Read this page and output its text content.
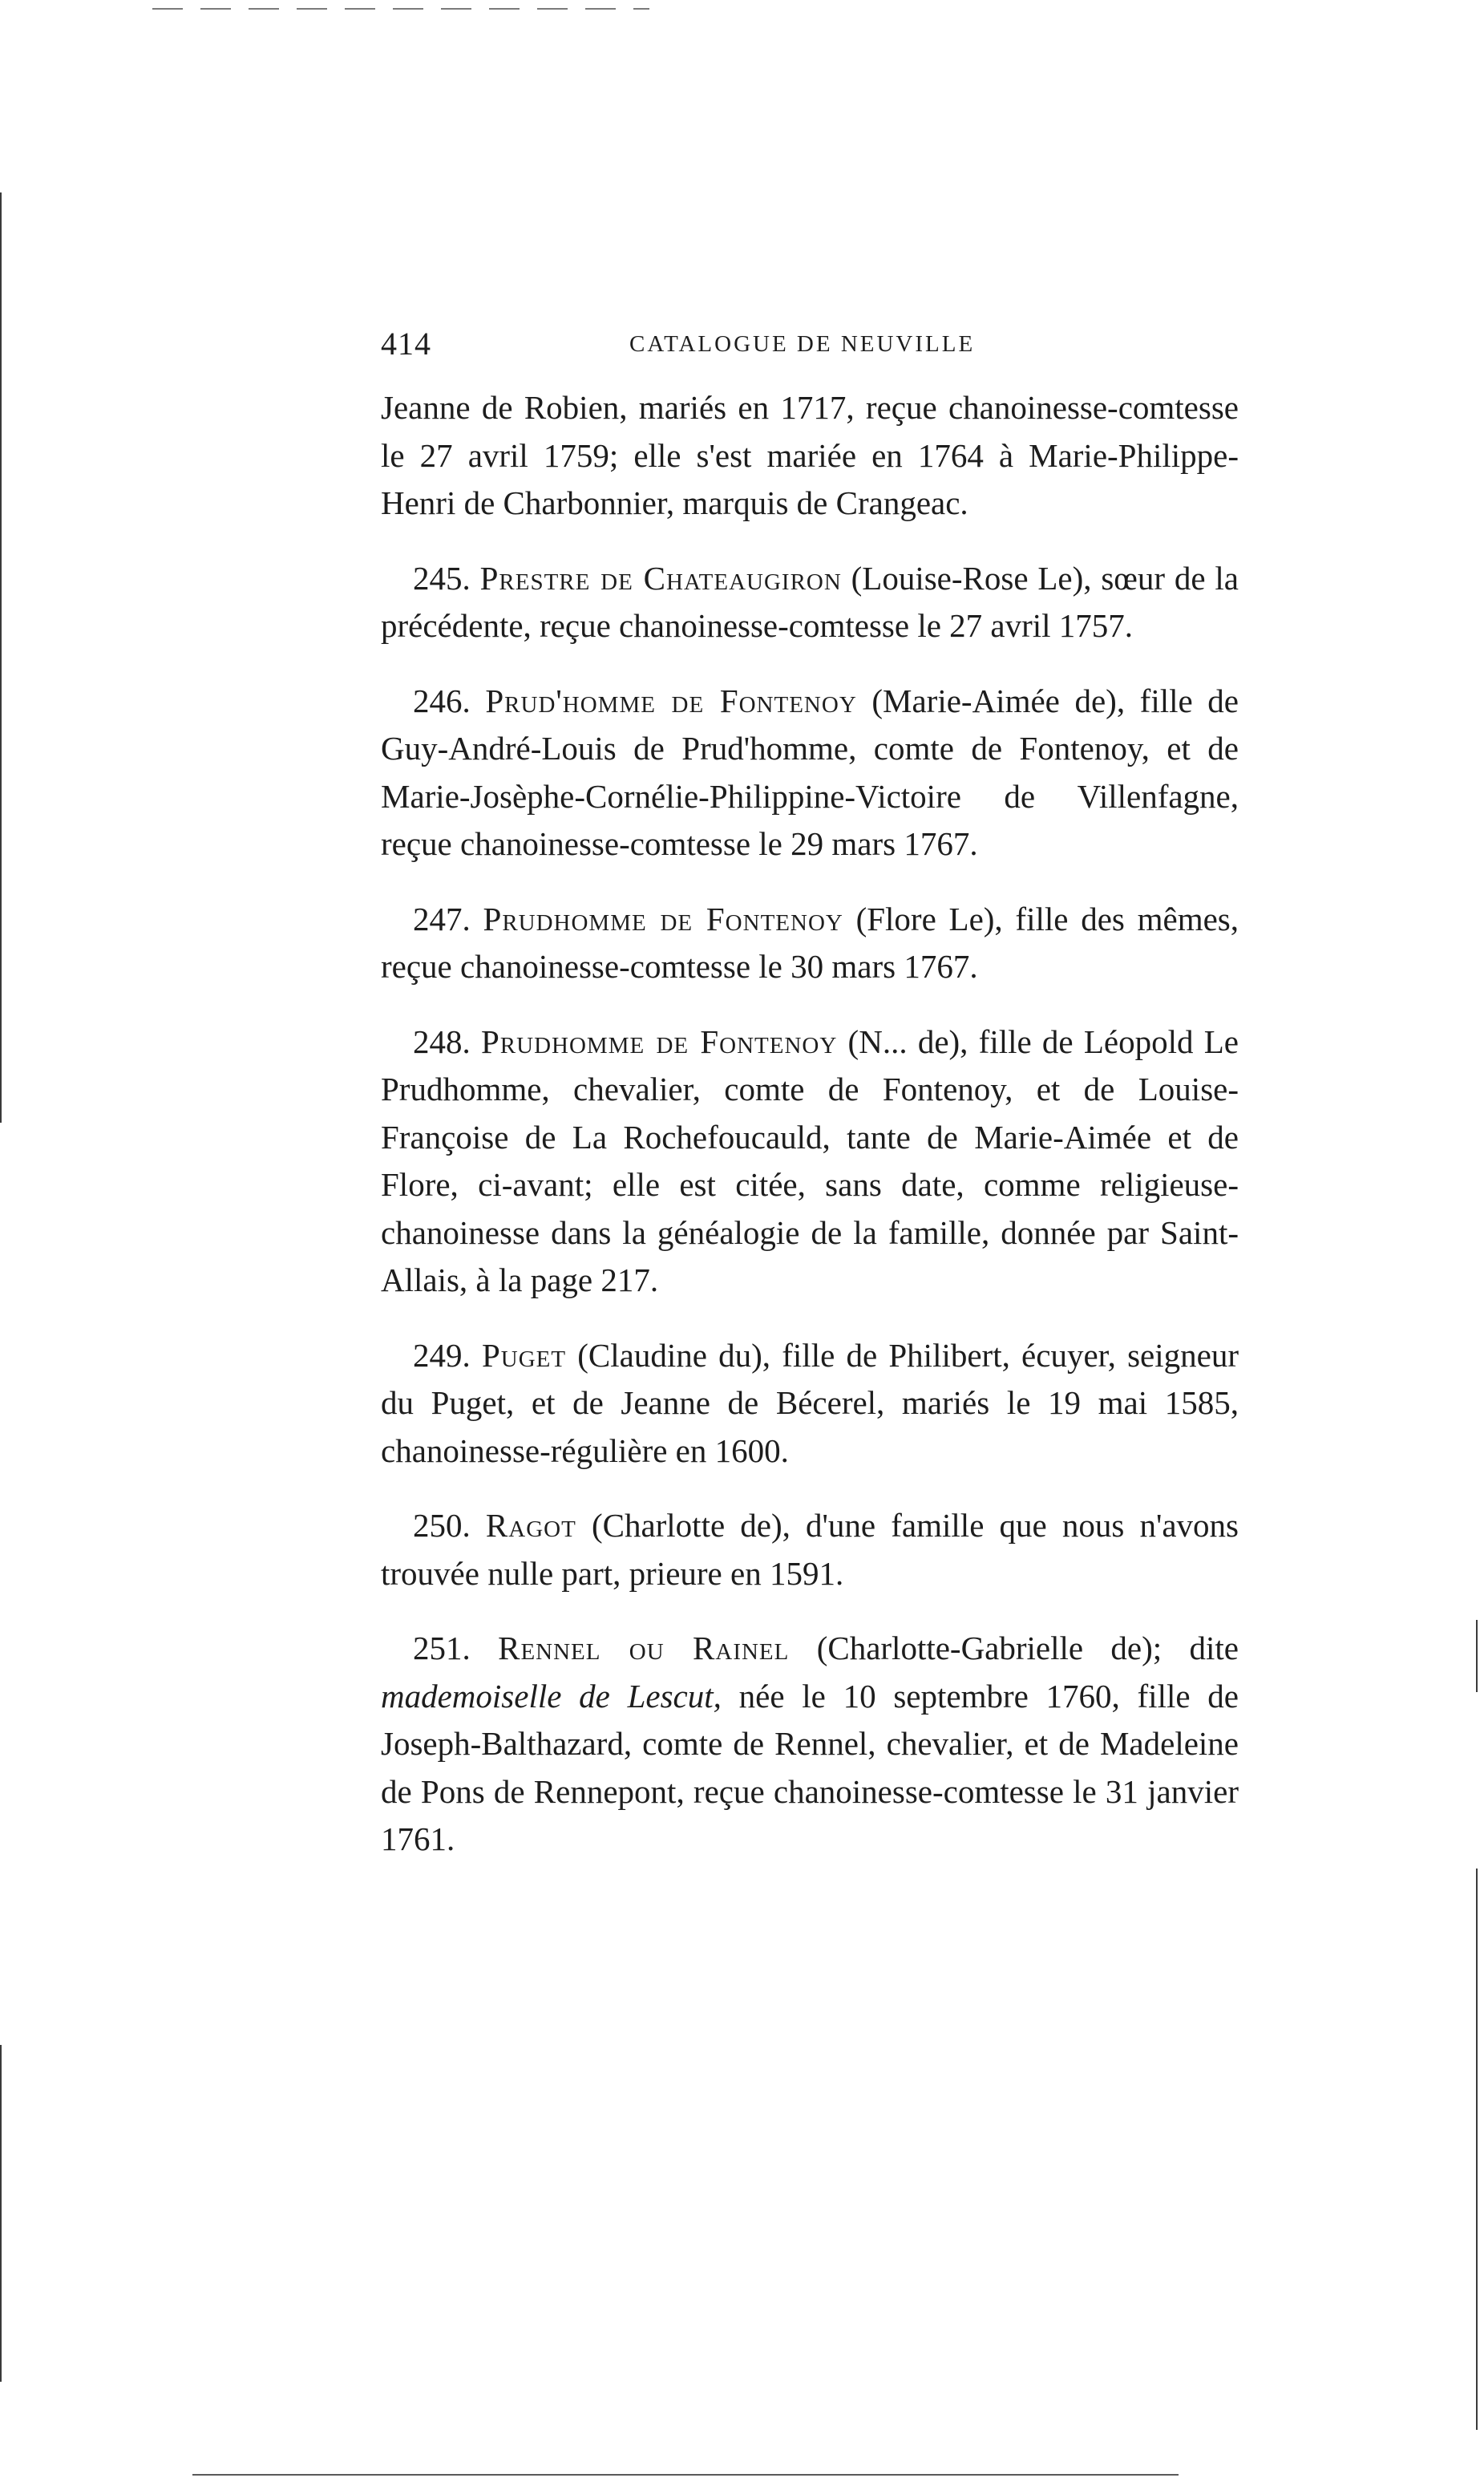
414	CATALOGUE DE NEUVILLE

Jeanne de Robien, mariés en 1717, reçue chanoinesse-comtesse le 27 avril 1759; elle s'est mariée en 1764 à Marie-Philippe-Henri de Charbonnier, marquis de Crangeac.

245. Prestre de Chateaugiron (Louise-Rose Le), sœur de la précédente, reçue chanoinesse-comtesse le 27 avril 1757.

246. Prud'homme de Fontenoy (Marie-Aimée de), fille de Guy-André-Louis de Prud'homme, comte de Fontenoy, et de Marie-Josèphe-Cornélie-Philippine-Victoire de Villenfagne, reçue chanoinesse-comtesse le 29 mars 1767.

247. Prudhomme de Fontenoy (Flore Le), fille des mêmes, reçue chanoinesse-comtesse le 30 mars 1767.

248. Prudhomme de Fontenoy (N... de), fille de Léopold Le Prudhomme, chevalier, comte de Fontenoy, et de Louise-Françoise de La Rochefoucauld, tante de Marie-Aimée et de Flore, ci-avant; elle est citée, sans date, comme religieuse-chanoinesse dans la généalogie de la famille, donnée par Saint-Allais, à la page 217.

249. Puget (Claudine du), fille de Philibert, écuyer, seigneur du Puget, et de Jeanne de Bécerel, mariés le 19 mai 1585, chanoinesse-régulière en 1600.

250. Ragot (Charlotte de), d'une famille que nous n'avons trouvée nulle part, prieure en 1591.

251. Rennel ou Rainel (Charlotte-Gabrielle de); dite mademoiselle de Lescut, née le 10 septembre 1760, fille de Joseph-Balthazard, comte de Rennel, chevalier, et de Madeleine de Pons de Rennepont, reçue chanoinesse-comtesse le 31 janvier 1761.
